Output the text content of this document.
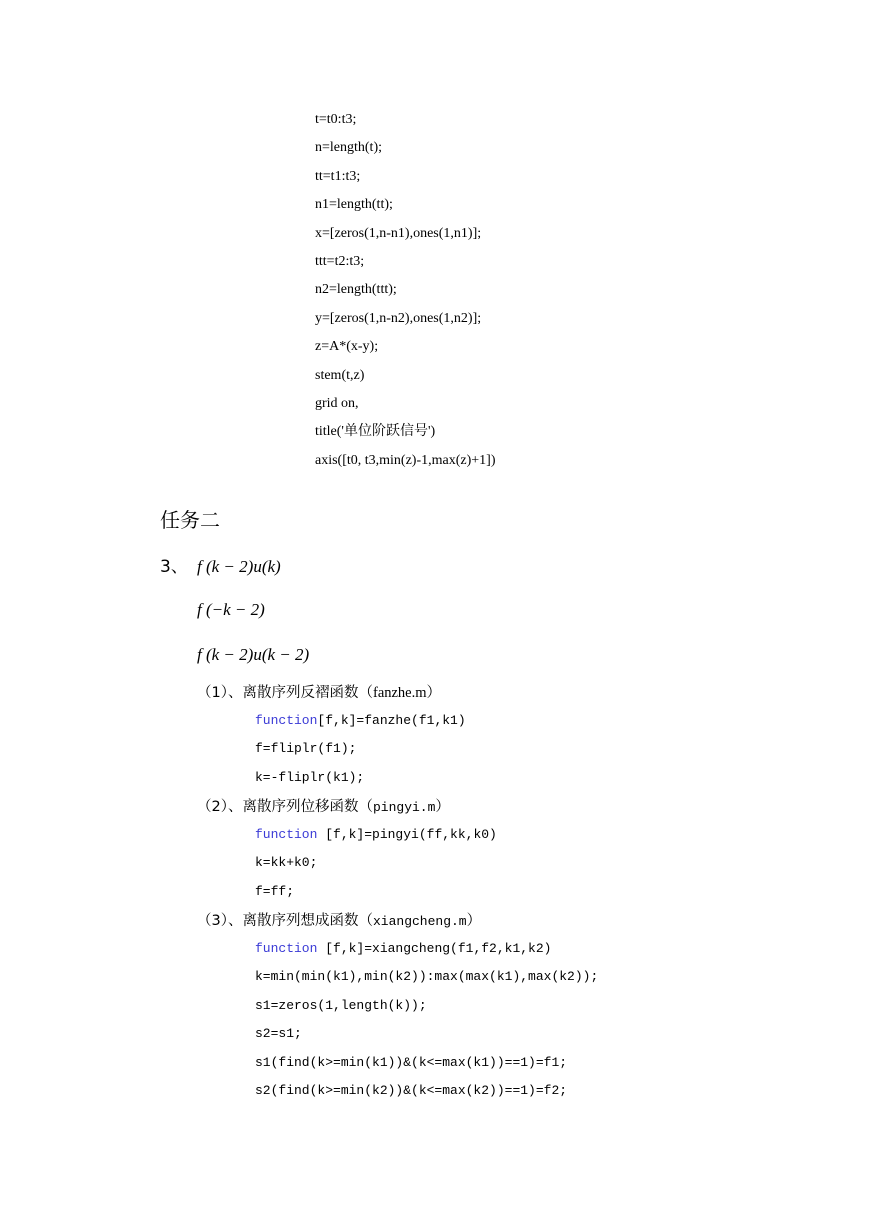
t=t0:t3;
n=length(t);
tt=t1:t3;
n1=length(tt);
x=[zeros(1,n-n1),ones(1,n1)];
ttt=t2:t3;
n2=length(ttt);
y=[zeros(1,n-n2),ones(1,n2)];
z=A*(x-y);
stem(t,z)
grid on,
title('单位阶跃信号')
axis([t0, t3,min(z)-1,max(z)+1])
任务二
3、 f (k − 2)u(k)
f (−k − 2)
f (k − 2)u(k − 2)
（1）、离散序列反褶函数（fanzhe.m）
function[f,k]=fanzhe(f1,k1)
f=fliplr(f1);
k=-fliplr(k1);
（2）、离散序列位移函数（pingyi.m）
function [f,k]=pingyi(ff,kk,k0)
k=kk+k0;
f=ff;
（3）、离散序列想成函数（xiangcheng.m）
function [f,k]=xiangcheng(f1,f2,k1,k2)
k=min(min(k1),min(k2)):max(max(k1),max(k2));
s1=zeros(1,length(k));
s2=s1;
s1(find(k>=min(k1))&(k<=max(k1))==1)=f1;
s2(find(k>=min(k2))&(k<=max(k2))==1)=f2;
